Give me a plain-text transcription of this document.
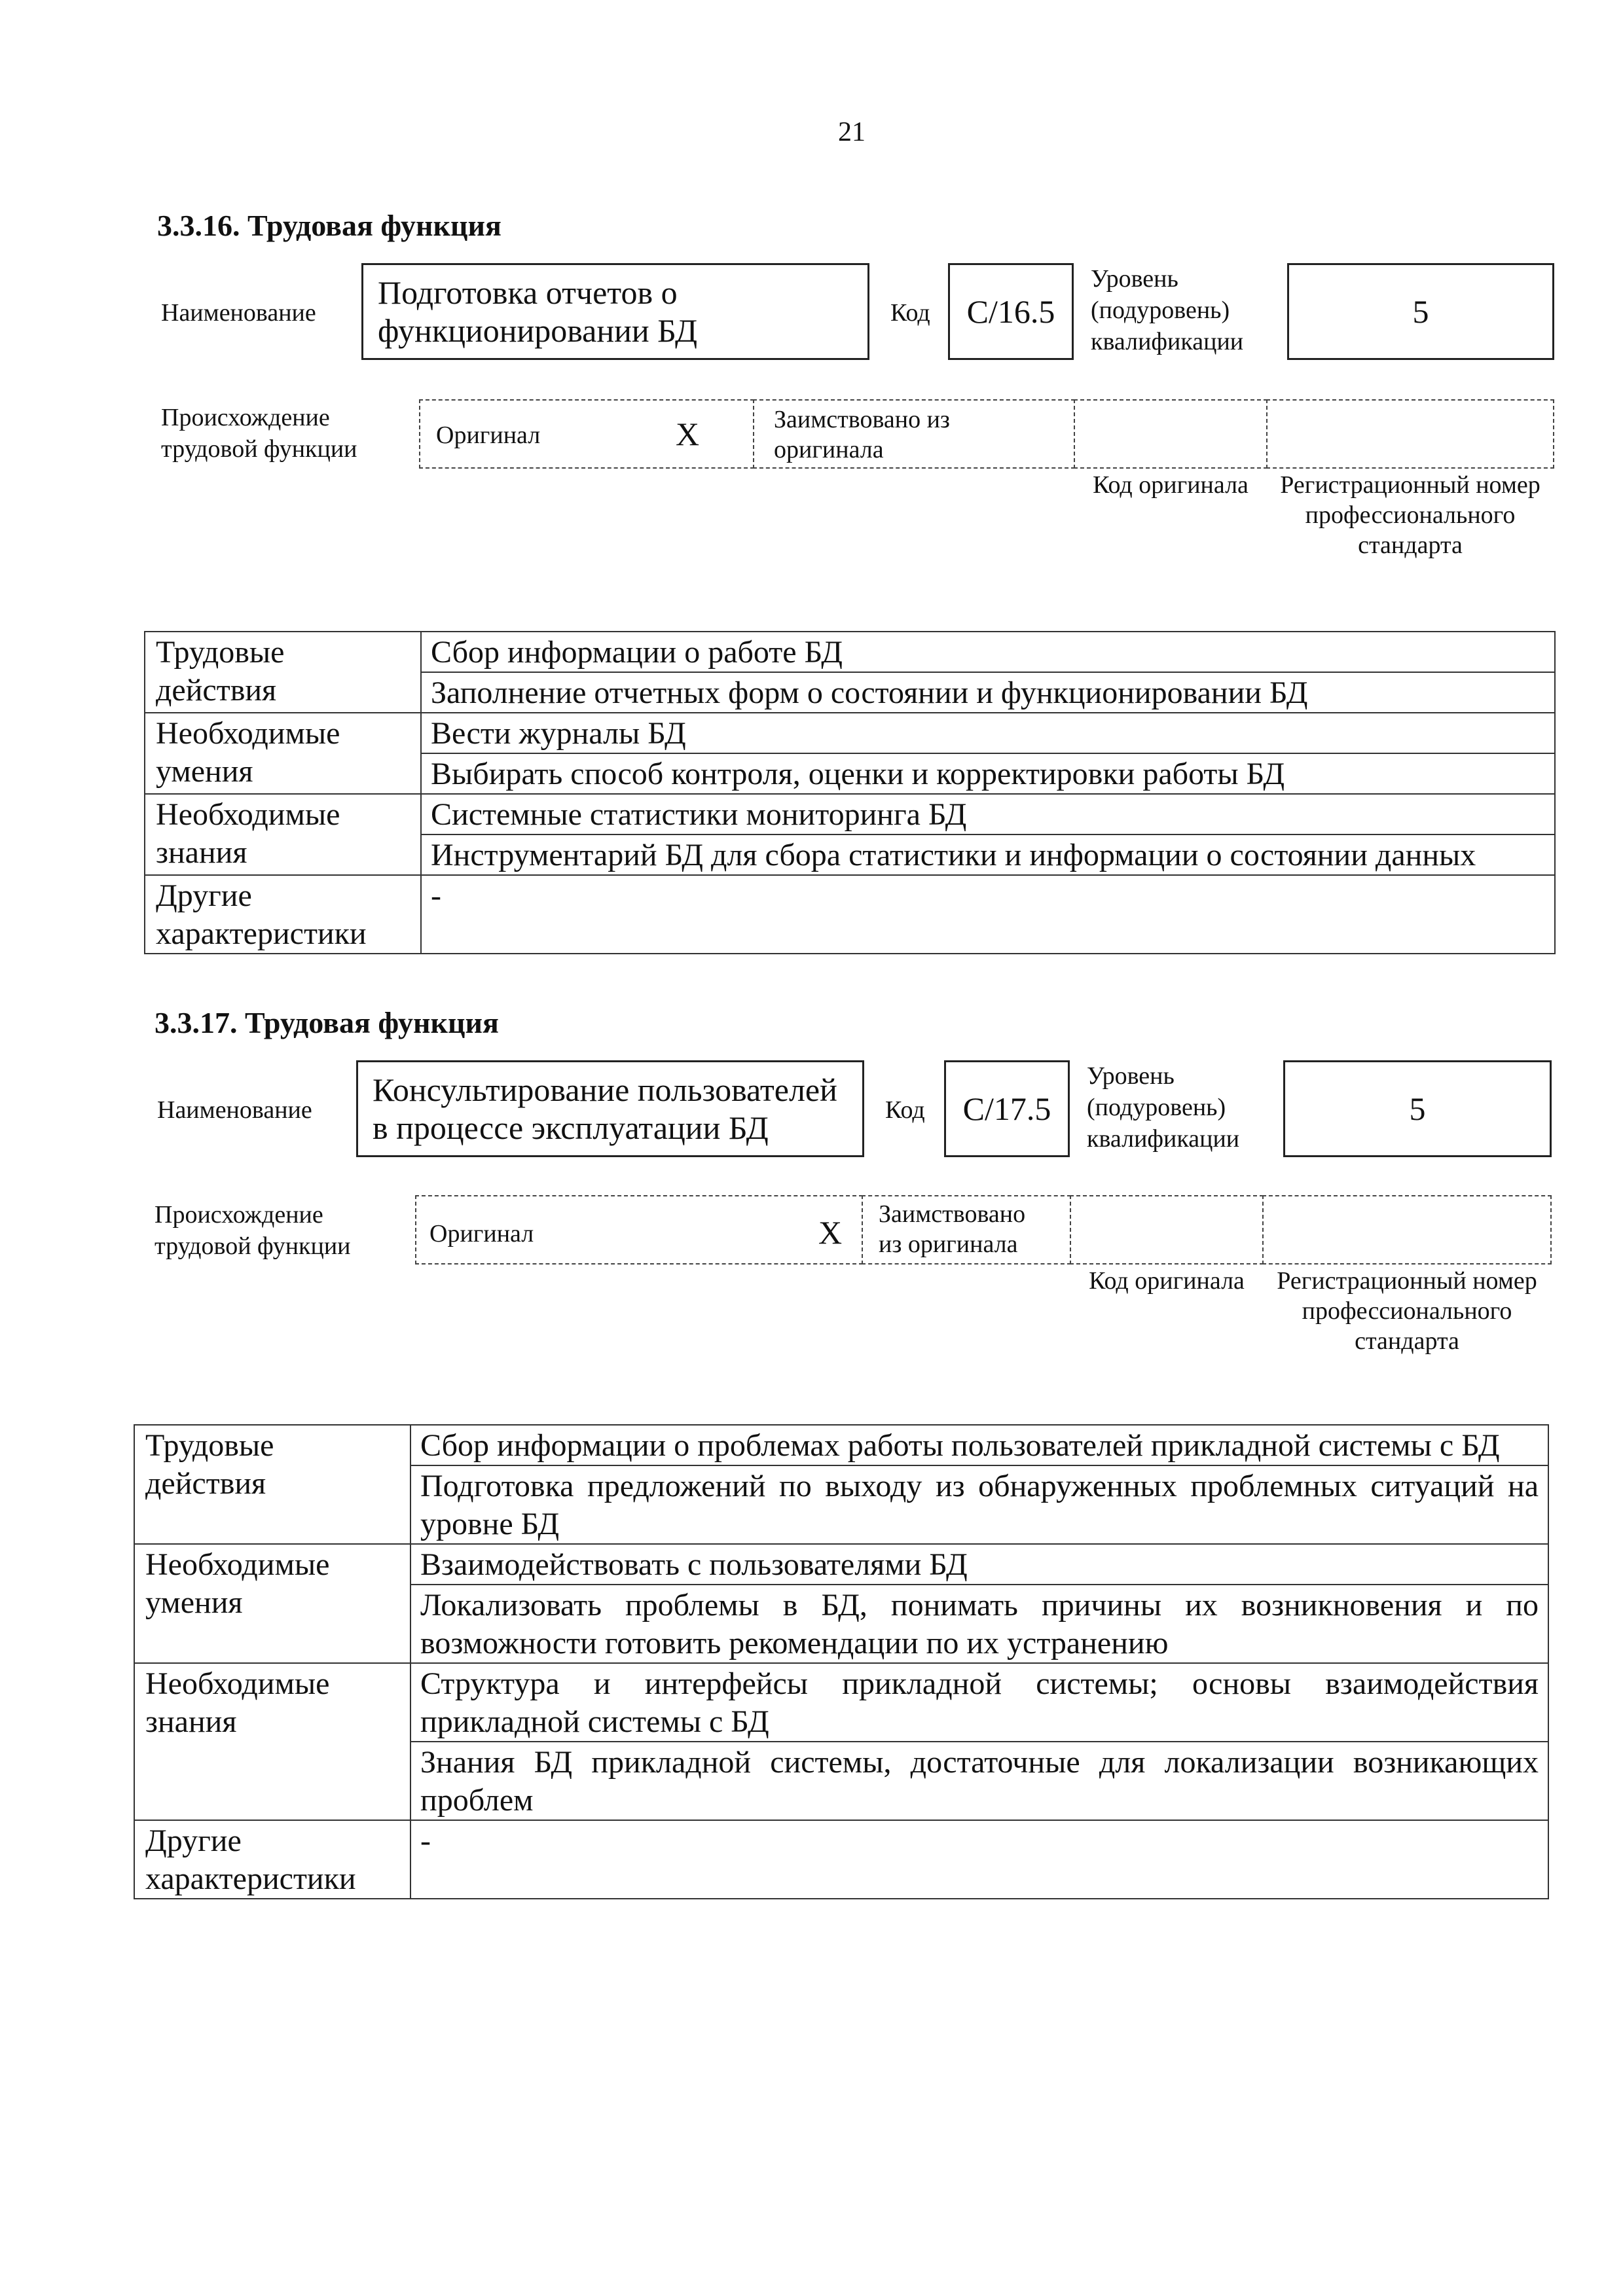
21
3.3.16. Трудовая функция
Наименование
Подготовка отчетов о функционировании БД	Код C/16.5
Уровень (подуровень) квалификации
5
Происхождение трудовой функции	Оригинал	X	Заимствовано из оригинала
Код оригинала	Регистрационный номер профессионального стандарта
Трудовые действия	Сбор информации о работе БД
	Заполнение отчетных форм о состоянии и функционировании БД
Необходимые умения	Вести журналы БД
	Выбирать способ контроля, оценки и корректировки работы БД
Необходимые знания	Системные статистики мониторинга БД
	Инструментарий БД для сбора статистики и информации о состоянии данных
Другие характеристики	-
3.3.17. Трудовая функция
Наименование
Консультирование пользователей в процессе эксплуатации БД	Код C/17.5
Уровень (подуровень) квалификации
5
Происхождение трудовой функции	Оригинал	X Заимствовано из оригинала
Код оригинала	Регистрационный номер профессионального стандарта
Трудовые действия	Сбор информации о проблемах работы пользователей прикладной системы с БД
	Подготовка предложений по выходу из обнаруженных проблемных ситуаций на уровне БД
Необходимые умения	Взаимодействовать с пользователями БД
	Локализовать проблемы в БД, понимать причины их возникновения и по возможности готовить рекомендации по их устранению
Необходимые знания	Структура и интерфейсы прикладной системы; основы взаимодействия прикладной системы с БД
	Знания БД прикладной системы, достаточные для локализации возникающих проблем
Другие характеристики	-
